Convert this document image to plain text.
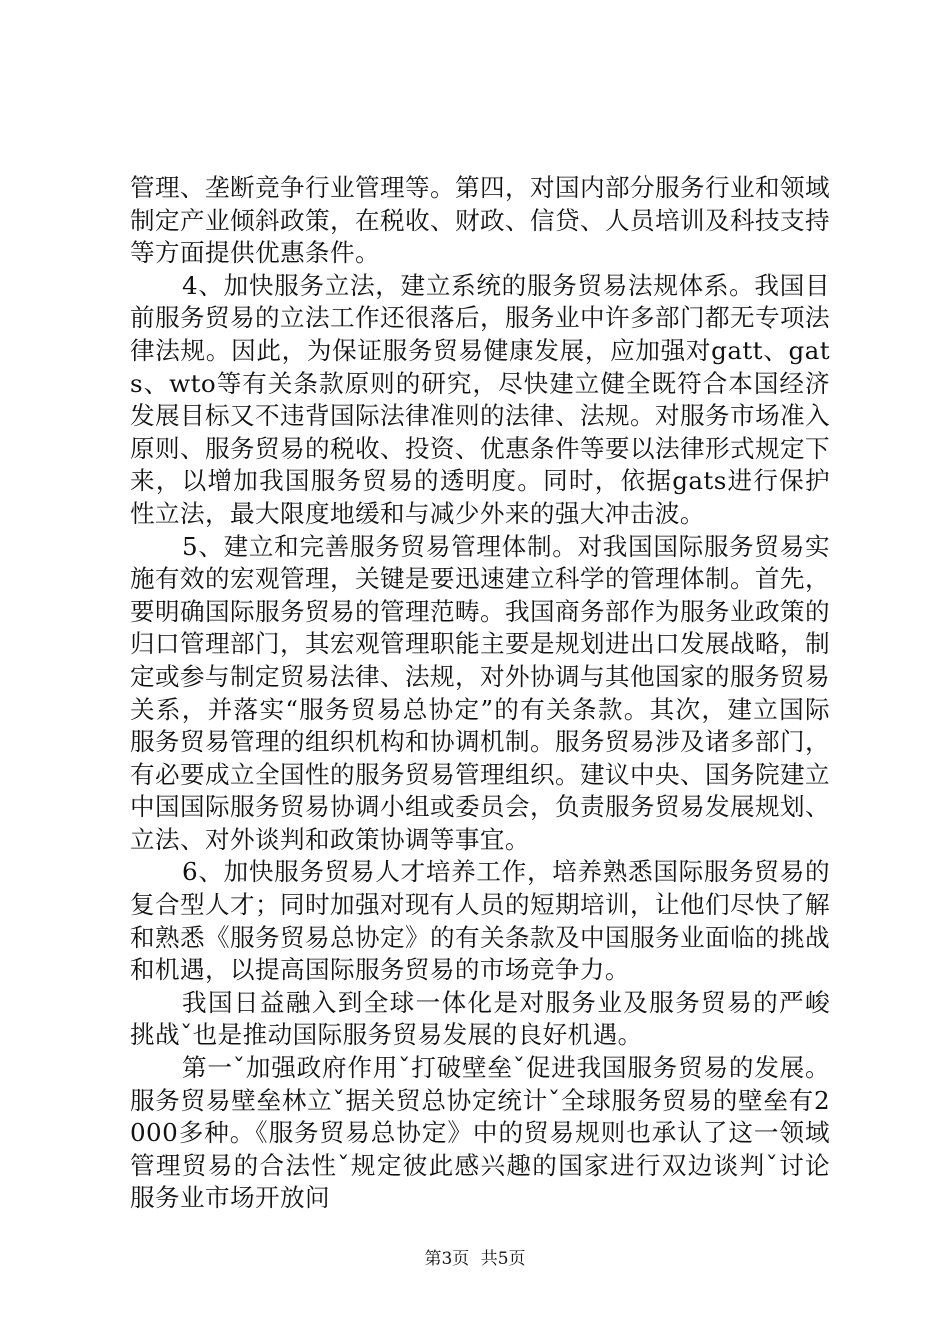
管理、垄断竞争行业管理等。第四，对国内部分服务行业和领域制定产业倾斜政策，在税收、财政、信贷、人员培训及科技支持等方面提供优惠条件。

4、加快服务立法，建立系统的服务贸易法规体系。我国目前服务贸易的立法工作还很落后，服务业中许多部门都无专项法律法规。因此，为保证服务贸易健康发展，应加强对gatt、gats、wto等有关条款原则的研究，尽快建立健全既符合本国经济发展目标又不违背国际法律准则的法律、法规。对服务市场准入原则、服务贸易的税收、投资、优惠条件等要以法律形式规定下来，以增加我国服务贸易的透明度。同时，依据gats进行保护性立法，最大限度地缓和与减少外来的强大冲击波。

5、建立和完善服务贸易管理体制。对我国国际服务贸易实施有效的宏观管理，关键是要迅速建立科学的管理体制。首先，要明确国际服务贸易的管理范畴。我国商务部作为服务业政策的归口管理部门，其宏观管理职能主要是规划进出口发展战略，制定或参与制定贸易法律、法规，对外协调与其他国家的服务贸易关系，并落实“服务贸易总协定”的有关条款。其次，建立国际服务贸易管理的组织机构和协调机制。服务贸易涉及诸多部门，有必要成立全国性的服务贸易管理组织。建议中央、国务院建立中国国际服务贸易协调小组或委员会，负责服务贸易发展规划、立法、对外谈判和政策协调等事宜。

6、加快服务贸易人才培养工作，培养熟悉国际服务贸易的复合型人才；同时加强对现有人员的短期培训，让他们尽快了解和熟悉《服务贸易总协定》的有关条款及中国服务业面临的挑战和机遇，以提高国际服务贸易的市场竞争力。

我国日益融入到全球一体化是对服务业及服务贸易的严峻挑战ˇ也是推动国际服务贸易发展的良好机遇。

第一ˇ加强政府作用ˇ打破壁垒ˇ促进我国服务贸易的发展。服务贸易壁垒林立ˇ据关贸总协定统计ˇ全球服务贸易的壁垒有2000多种。《服务贸易总协定》中的贸易规则也承认了这一领域管理贸易的合法性ˇ规定彼此感兴趣的国家进行双边谈判ˇ讨论服务业市场开放问

第3页 共5页
